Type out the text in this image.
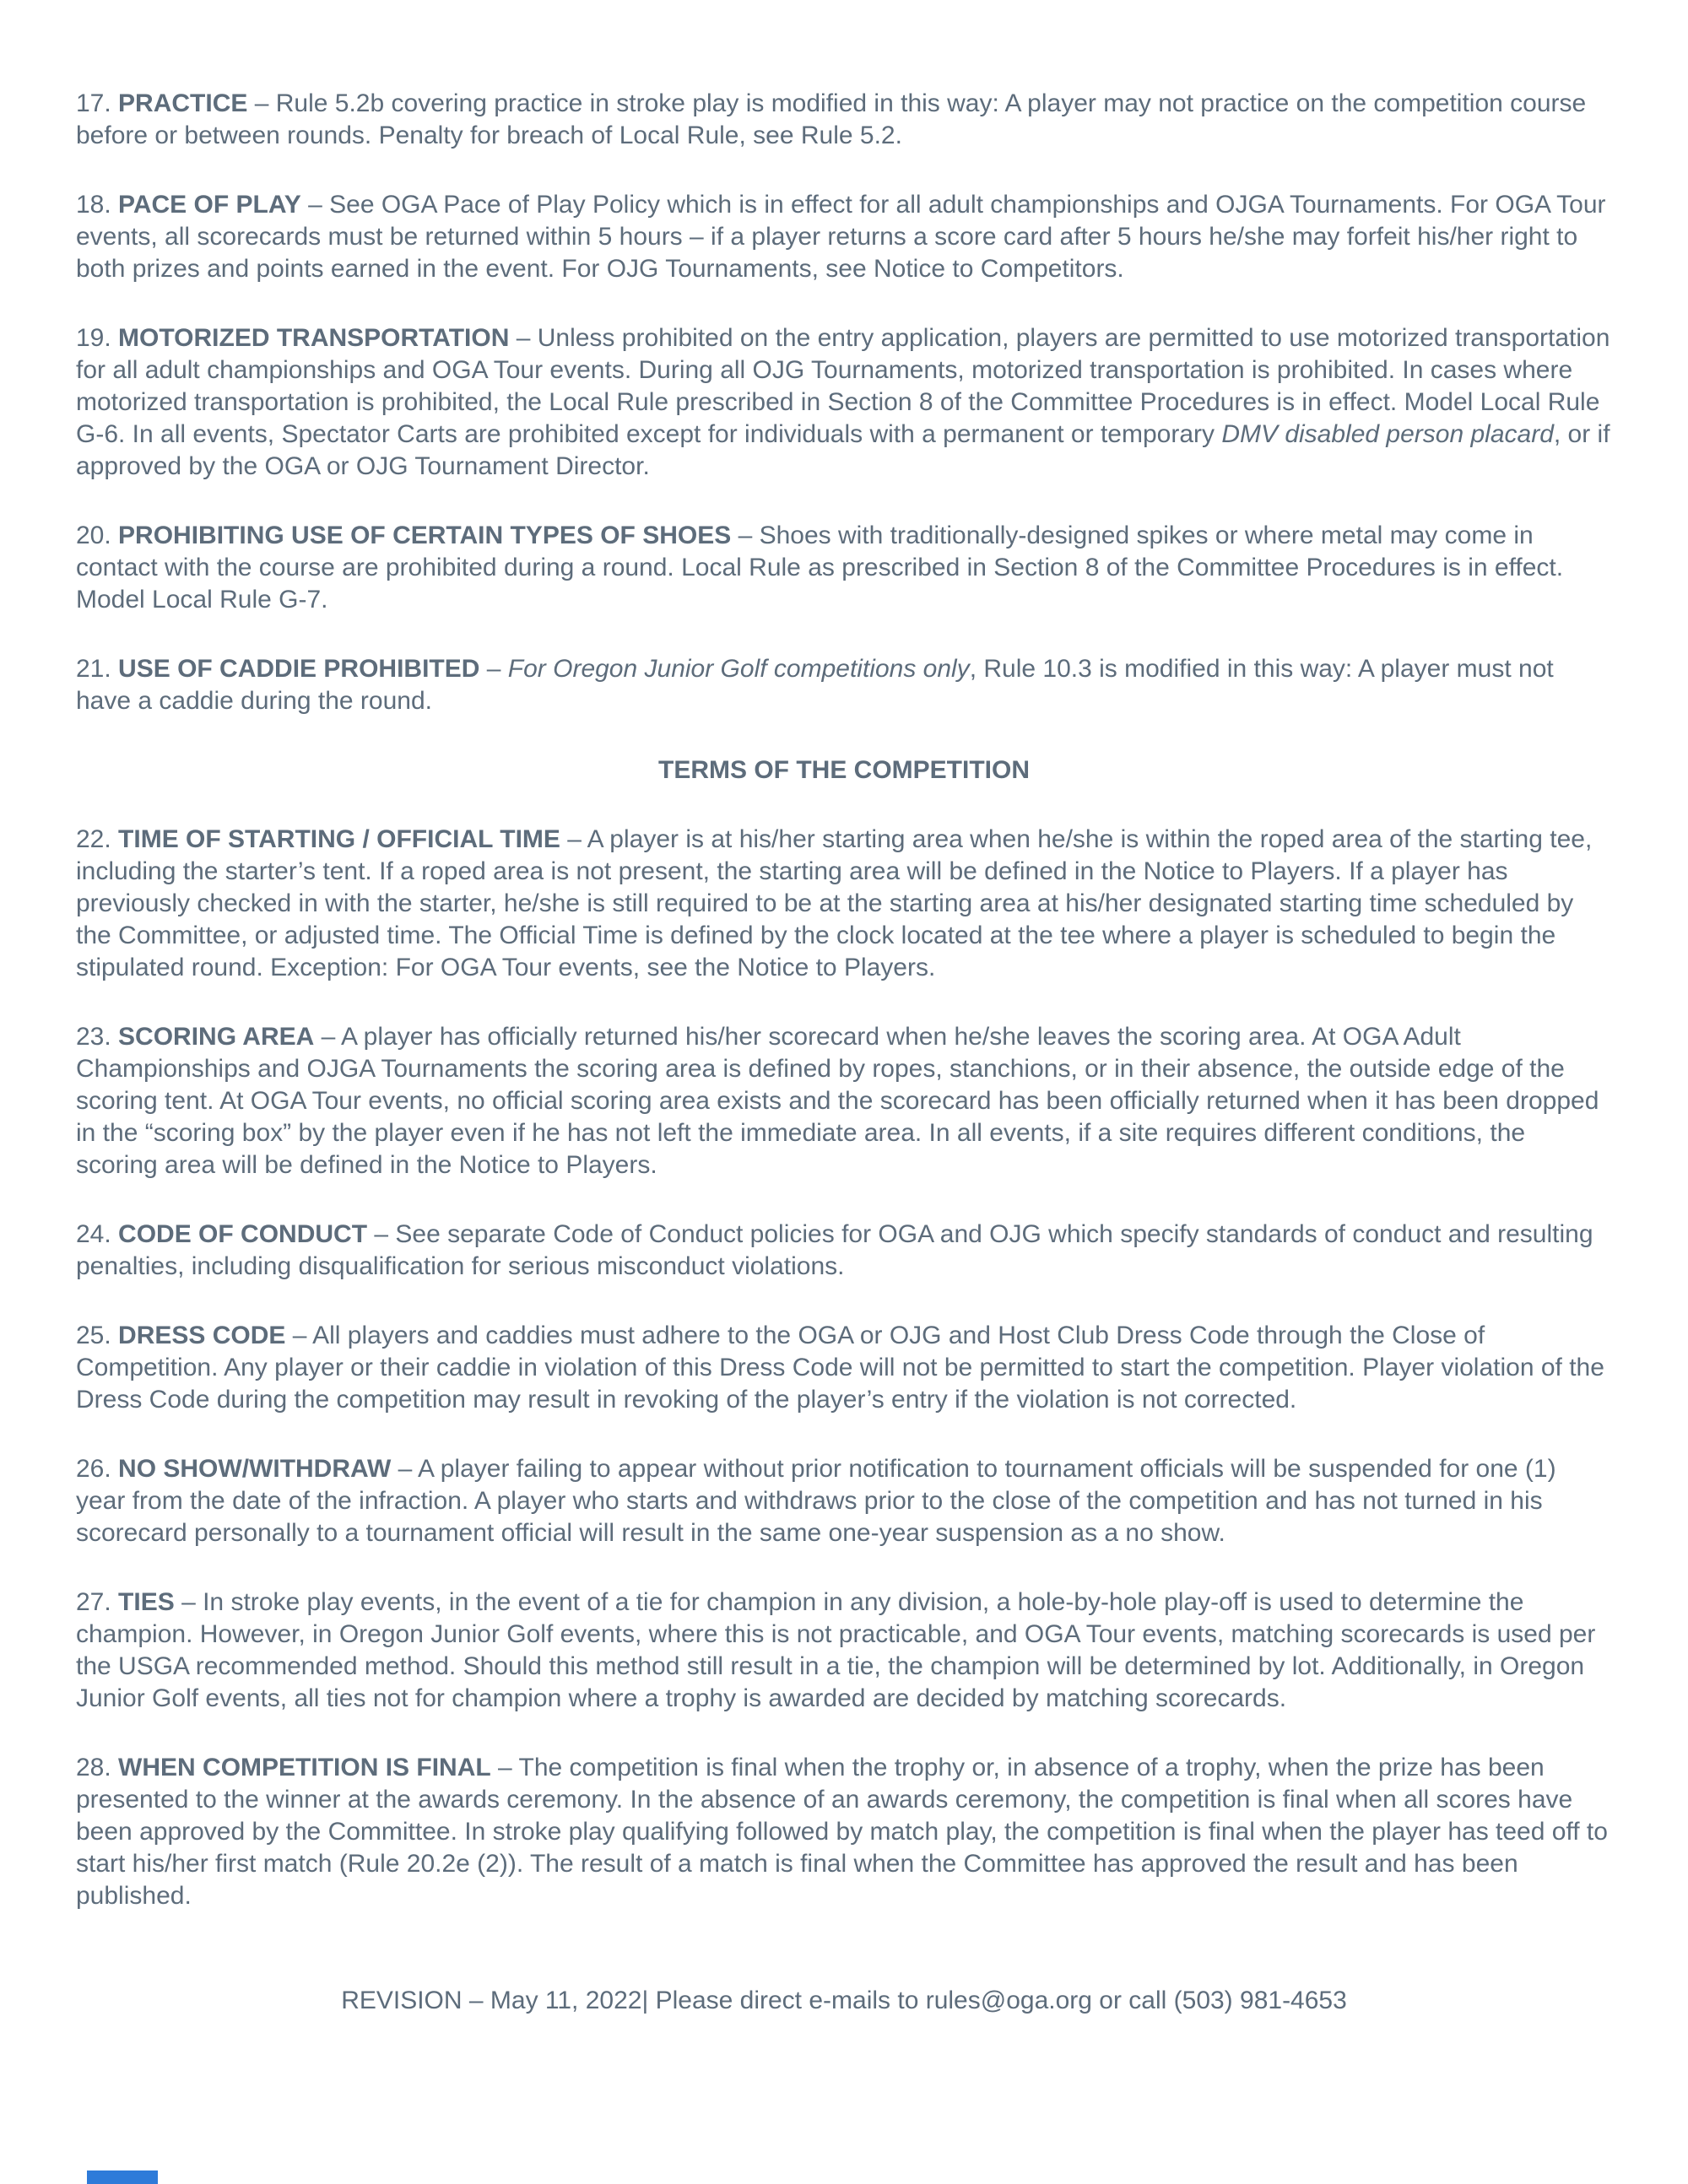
17. PRACTICE – Rule 5.2b covering practice in stroke play is modified in this way: A player may not practice on the competition course before or between rounds. Penalty for breach of Local Rule, see Rule 5.2.

18. PACE OF PLAY – See OGA Pace of Play Policy which is in effect for all adult championships and OJGA Tournaments. For OGA Tour events, all scorecards must be returned within 5 hours – if a player returns a score card after 5 hours he/she may forfeit his/her right to both prizes and points earned in the event. For OJG Tournaments, see Notice to Competitors.

19. MOTORIZED TRANSPORTATION – Unless prohibited on the entry application, players are permitted to use motorized transportation for all adult championships and OGA Tour events. During all OJG Tournaments, motorized transportation is prohibited. In cases where motorized transportation is prohibited, the Local Rule prescribed in Section 8 of the Committee Procedures is in effect. Model Local Rule G-6. In all events, Spectator Carts are prohibited except for individuals with a permanent or temporary DMV disabled person placard, or if approved by the OGA or OJG Tournament Director.

20. PROHIBITING USE OF CERTAIN TYPES OF SHOES – Shoes with traditionally-designed spikes or where metal may come in contact with the course are prohibited during a round. Local Rule as prescribed in Section 8 of the Committee Procedures is in effect. Model Local Rule G-7.

21. USE OF CADDIE PROHIBITED – For Oregon Junior Golf competitions only, Rule 10.3 is modified in this way: A player must not have a caddie during the round.

TERMS OF THE COMPETITION

22. TIME OF STARTING / OFFICIAL TIME – A player is at his/her starting area when he/she is within the roped area of the starting tee, including the starter’s tent. If a roped area is not present, the starting area will be defined in the Notice to Players. If a player has previously checked in with the starter, he/she is still required to be at the starting area at his/her designated starting time scheduled by the Committee, or adjusted time. The Official Time is defined by the clock located at the tee where a player is scheduled to begin the stipulated round. Exception: For OGA Tour events, see the Notice to Players.

23. SCORING AREA – A player has officially returned his/her scorecard when he/she leaves the scoring area. At OGA Adult Championships and OJGA Tournaments the scoring area is defined by ropes, stanchions, or in their absence, the outside edge of the scoring tent. At OGA Tour events, no official scoring area exists and the scorecard has been officially returned when it has been dropped in the “scoring box” by the player even if he has not left the immediate area. In all events, if a site requires different conditions, the scoring area will be defined in the Notice to Players.

24. CODE OF CONDUCT – See separate Code of Conduct policies for OGA and OJG which specify standards of conduct and resulting penalties, including disqualification for serious misconduct violations.

25. DRESS CODE – All players and caddies must adhere to the OGA or OJG and Host Club Dress Code through the Close of Competition. Any player or their caddie in violation of this Dress Code will not be permitted to start the competition. Player violation of the Dress Code during the competition may result in revoking of the player’s entry if the violation is not corrected.

26. NO SHOW/WITHDRAW – A player failing to appear without prior notification to tournament officials will be suspended for one (1) year from the date of the infraction. A player who starts and withdraws prior to the close of the competition and has not turned in his scorecard personally to a tournament official will result in the same one-year suspension as a no show.

27. TIES – In stroke play events, in the event of a tie for champion in any division, a hole-by-hole play-off is used to determine the champion. However, in Oregon Junior Golf events, where this is not practicable, and OGA Tour events, matching scorecards is used per the USGA recommended method. Should this method still result in a tie, the champion will be determined by lot. Additionally, in Oregon Junior Golf events, all ties not for champion where a trophy is awarded are decided by matching scorecards.

28. WHEN COMPETITION IS FINAL – The competition is final when the trophy or, in absence of a trophy, when the prize has been presented to the winner at the awards ceremony. In the absence of an awards ceremony, the competition is final when all scores have been approved by the Committee. In stroke play qualifying followed by match play, the competition is final when the player has teed off to start his/her first match (Rule 20.2e (2)). The result of a match is final when the Committee has approved the result and has been published.

REVISION – May 11, 2022| Please direct e-mails to rules@oga.org or call (503) 981-4653
